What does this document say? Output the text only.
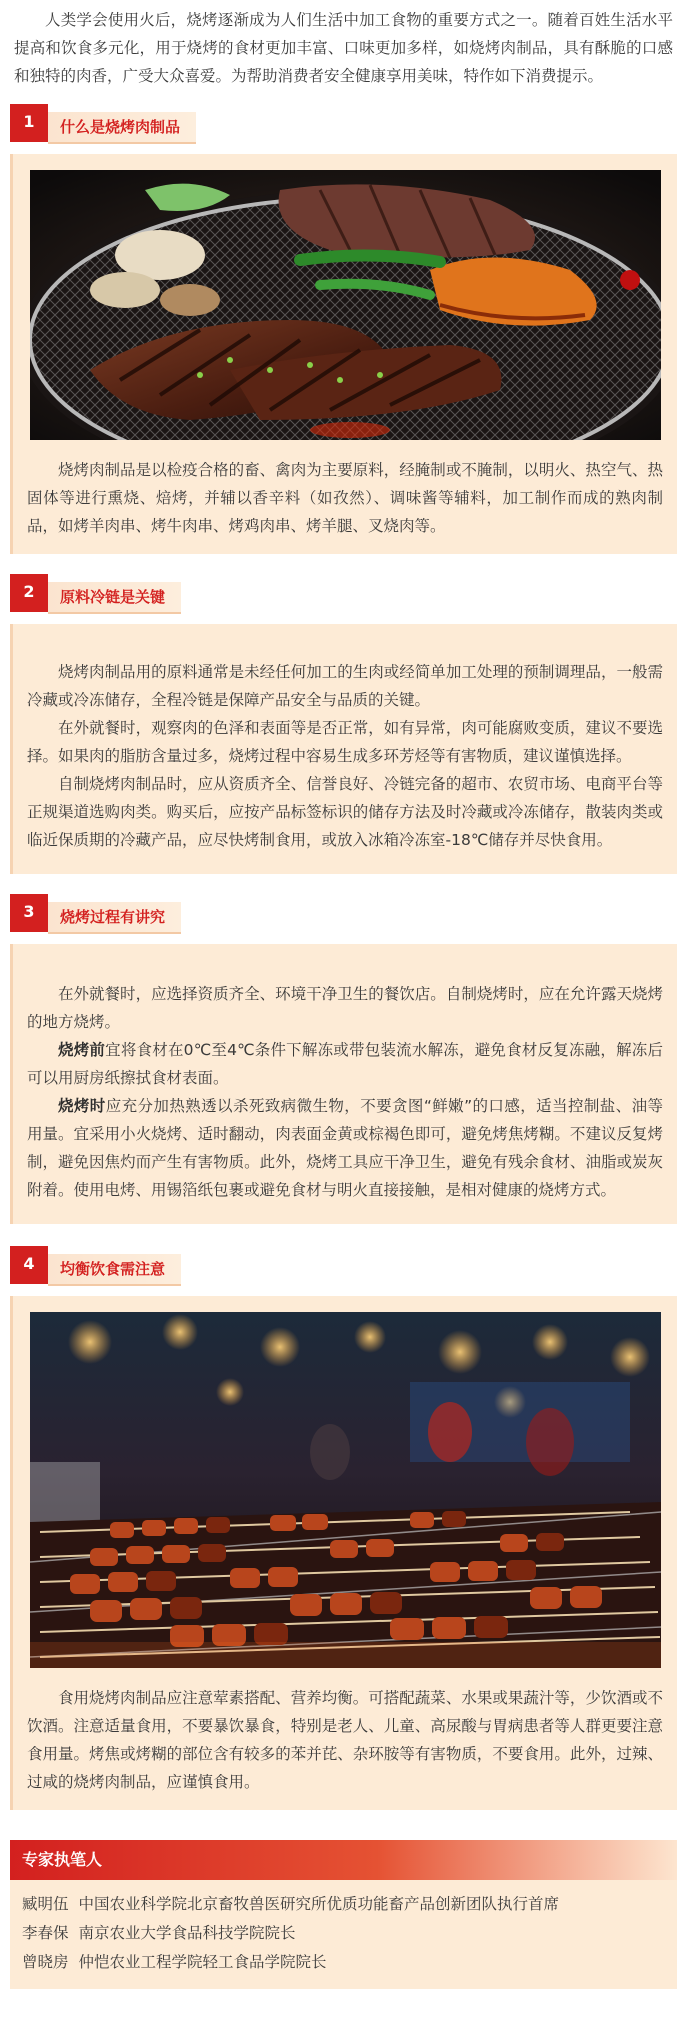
人类学会使用火后，烧烤逐渐成为人们生活中加工食物的重要方式之一。随着百姓生活水平提高和饮食多元化，用于烧烤的食材更加丰富、口味更加多样，如烧烤肉制品，具有酥脆的口感和独特的肉香，广受大众喜爱。为帮助消费者安全健康享用美味，特作如下消费提示。

1	什么是烧烤肉制品

烧烤肉制品是以检疫合格的畜、禽肉为主要原料，经腌制或不腌制，以明火、热空气、热固体等进行熏烧、焙烤，并辅以香辛料（如孜然）、调味酱等辅料，加工制作而成的熟肉制品，如烤羊肉串、烤牛肉串、烤鸡肉串、烤羊腿、叉烧肉等。

2	原料冷链是关键

烧烤肉制品用的原料通常是未经任何加工的生肉或经简单加工处理的预制调理品，一般需冷藏或冷冻储存，全程冷链是保障产品安全与品质的关键。

在外就餐时，观察肉的色泽和表面等是否正常，如有异常，肉可能腐败变质，建议不要选择。如果肉的脂肪含量过多，烧烤过程中容易生成多环芳烃等有害物质，建议谨慎选择。

自制烧烤肉制品时，应从资质齐全、信誉良好、冷链完备的超市、农贸市场、电商平台等正规渠道选购肉类。购买后，应按产品标签标识的储存方法及时冷藏或冷冻储存，散装肉类或临近保质期的冷藏产品，应尽快烤制食用，或放入冰箱冷冻室-18℃储存并尽快食用。

3	烧烤过程有讲究

在外就餐时，应选择资质齐全、环境干净卫生的餐饮店。自制烧烤时，应在允许露天烧烤的地方烧烤。

烧烤前宜将食材在0℃至4℃条件下解冻或带包装流水解冻，避免食材反复冻融，解冻后可以用厨房纸擦拭食材表面。

烧烤时应充分加热熟透以杀死致病微生物，不要贪图“鲜嫩”的口感，适当控制盐、油等用量。宜采用小火烧烤、适时翻动，肉表面金黄或棕褐色即可，避免烤焦烤糊。不建议反复烤制，避免因焦灼而产生有害物质。此外，烧烤工具应干净卫生，避免有残余食材、油脂或炭灰附着。使用电烤、用锡箔纸包裹或避免食材与明火直接接触，是相对健康的烧烤方式。

4	均衡饮食需注意

食用烧烤肉制品应注意荤素搭配、营养均衡。可搭配蔬菜、水果或果蔬汁等，少饮酒或不饮酒。注意适量食用，不要暴饮暴食，特别是老人、儿童、高尿酸与胃病患者等人群更要注意食用量。烤焦或烤糊的部位含有较多的苯并芘、杂环胺等有害物质，不要食用。此外，过辣、过咸的烧烤肉制品，应谨慎食用。

专家执笔人
臧明伍 中国农业科学院北京畜牧兽医研究所优质功能畜产品创新团队执行首席
李春保 南京农业大学食品科技学院院长
曾晓房 仲恺农业工程学院轻工食品学院院长
